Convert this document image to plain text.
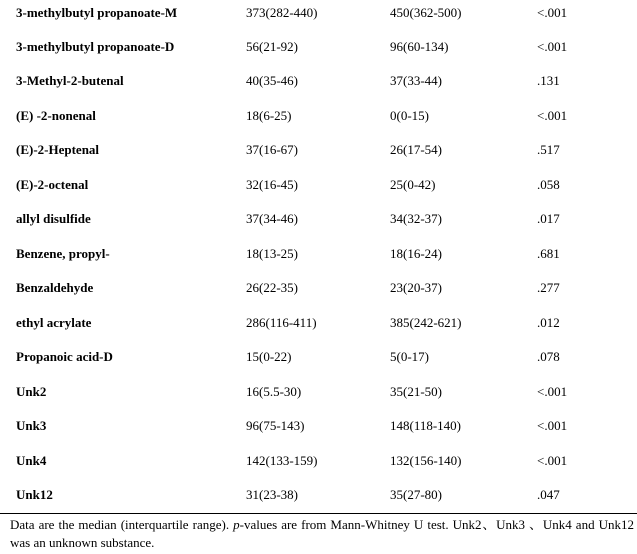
3-methylbutyl propanoate-M	373(282-440)	450(362-500)	<.001
3-methylbutyl propanoate-D	56(21-92)	96(60-134)	<.001
3-Methyl-2-butenal	40(35-46)	37(33-44)	.131
(E) -2-nonenal	18(6-25)	0(0-15)	<.001
(E)-2-Heptenal	37(16-67)	26(17-54)	.517
(E)-2-octenal	32(16-45)	25(0-42)	.058
allyl disulfide	37(34-46)	34(32-37)	.017
Benzene, propyl-	18(13-25)	18(16-24)	.681
Benzaldehyde	26(22-35)	23(20-37)	.277
ethyl acrylate	286(116-411)	385(242-621)	.012
Propanoic acid-D	15(0-22)	5(0-17)	.078
Unk2	16(5.5-30)	35(21-50)	<.001
Unk3	96(75-143)	148(118-140)	<.001
Unk4	142(133-159)	132(156-140)	<.001
Unk12	31(23-38)	35(27-80)	.047
Data are the median (interquartile range). p-values are from Mann-Whitney U test. Unk2、Unk3 、Unk4 and Unk12 was an unknown substance.
